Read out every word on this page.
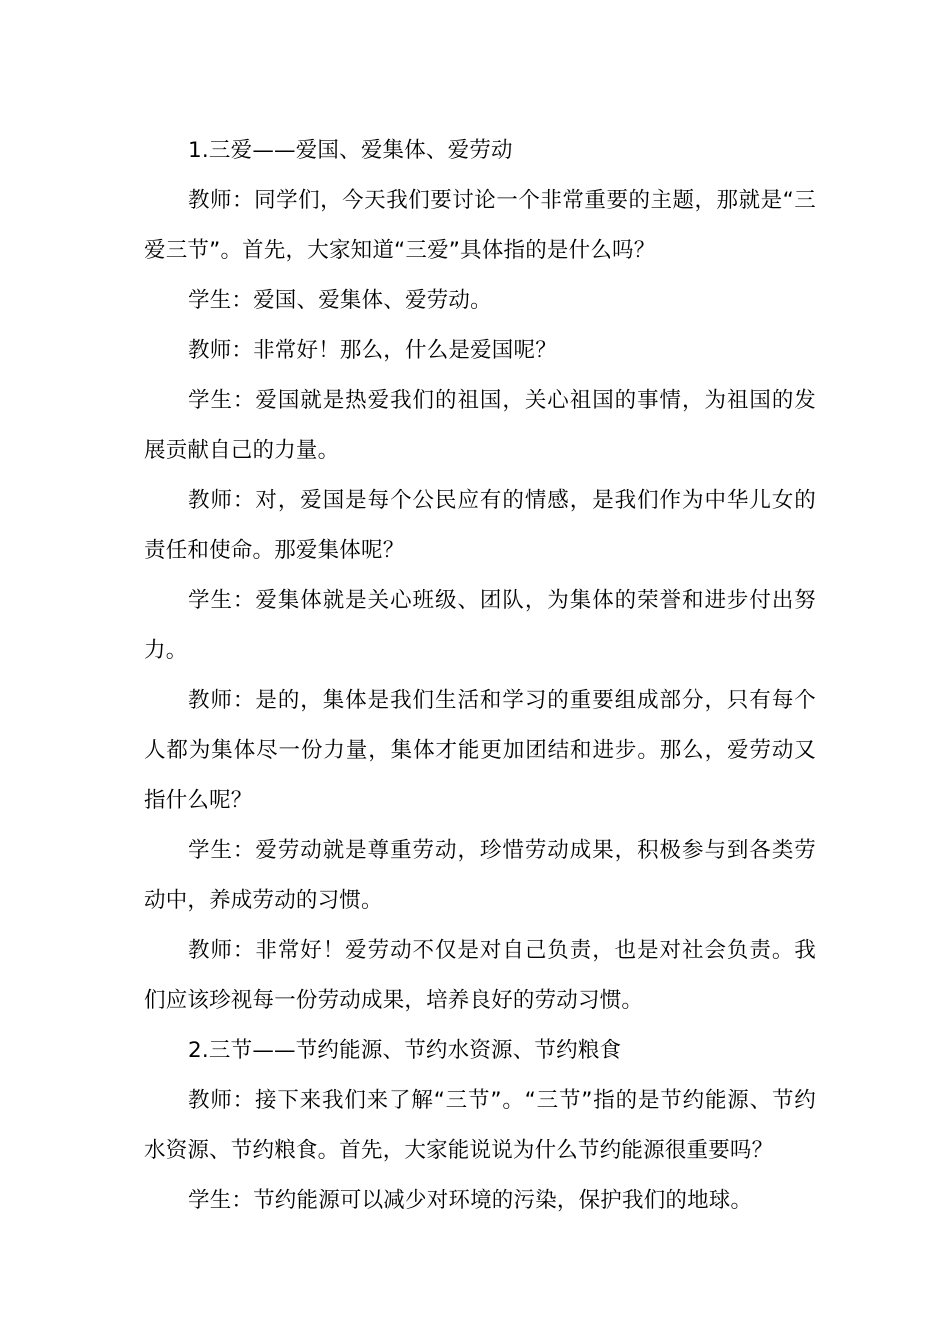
1.三爱——爱国、爱集体、爱劳动

教师：同学们，今天我们要讨论一个非常重要的主题，那就是“三爱三节”。首先，大家知道“三爱”具体指的是什么吗？

学生：爱国、爱集体、爱劳动。

教师：非常好！那么，什么是爱国呢？

学生：爱国就是热爱我们的祖国，关心祖国的事情，为祖国的发展贡献自己的力量。

教师：对，爱国是每个公民应有的情感，是我们作为中华儿女的责任和使命。那爱集体呢？

学生：爱集体就是关心班级、团队，为集体的荣誉和进步付出努力。

教师：是的，集体是我们生活和学习的重要组成部分，只有每个人都为集体尽一份力量，集体才能更加团结和进步。那么，爱劳动又指什么呢？

学生：爱劳动就是尊重劳动，珍惜劳动成果，积极参与到各类劳动中，养成劳动的习惯。

教师：非常好！爱劳动不仅是对自己负责，也是对社会负责。我们应该珍视每一份劳动成果，培养良好的劳动习惯。

2.三节——节约能源、节约水资源、节约粮食

教师：接下来我们来了解“三节”。“三节”指的是节约能源、节约水资源、节约粮食。首先，大家能说说为什么节约能源很重要吗？

学生：节约能源可以减少对环境的污染，保护我们的地球。
